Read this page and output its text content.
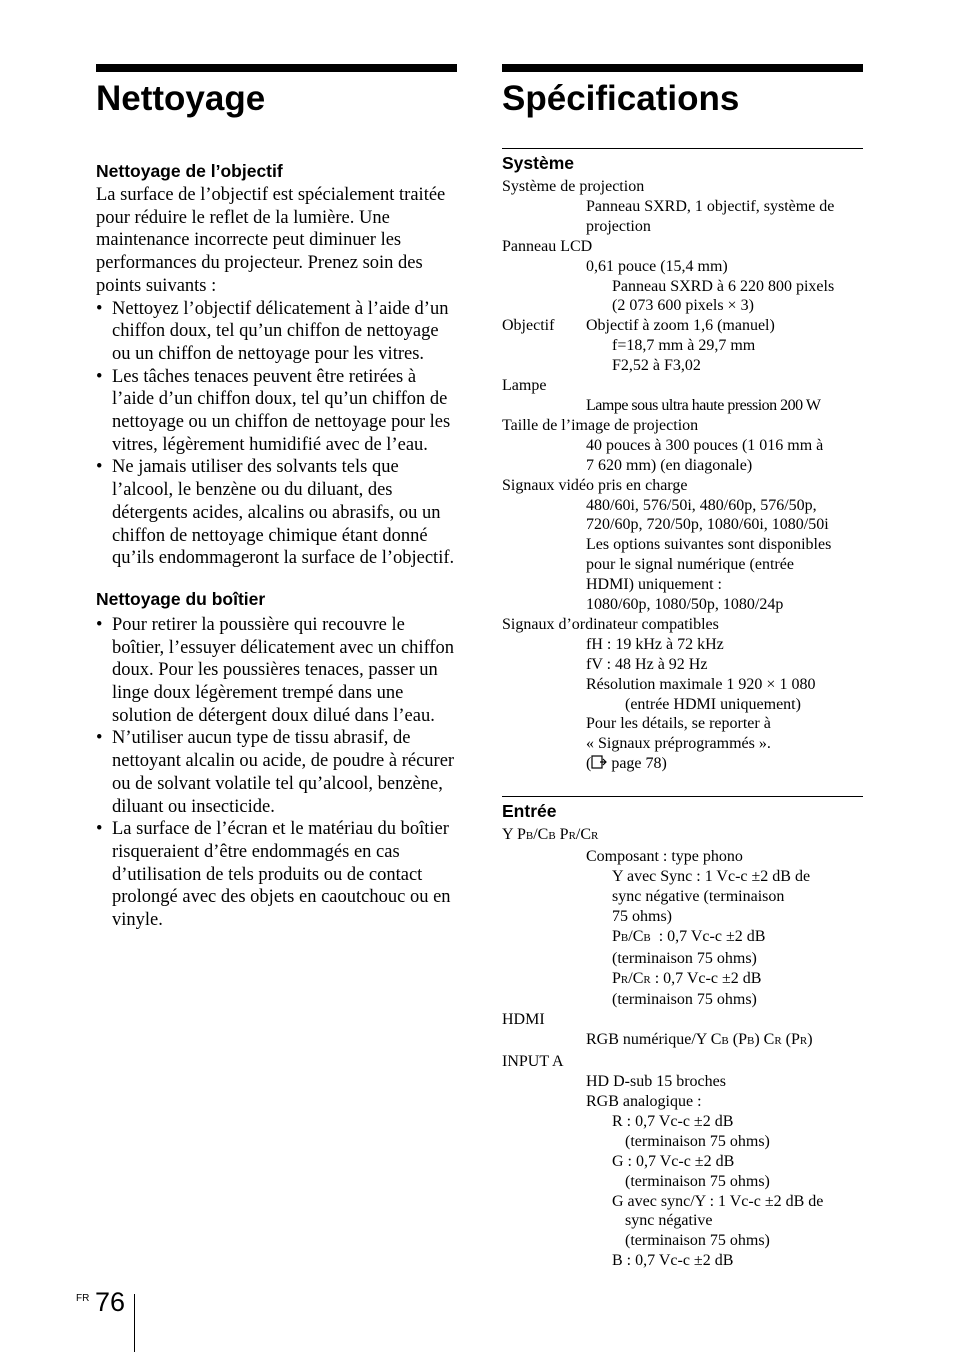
Nettoyage
Nettoyage de l’objectif

La surface de l’objectif est spécialement traitée pour réduire le reflet de la lumière. Une maintenance incorrecte peut diminuer les performances du projecteur. Prenez soin des points suivants :

• Nettoyez l’objectif délicatement à l’aide d’un chiffon doux, tel qu’un chiffon de nettoyage ou un chiffon de nettoyage pour les vitres.
• Les tâches tenaces peuvent être retirées à l’aide d’un chiffon doux, tel qu’un chiffon de nettoyage ou un chiffon de nettoyage pour les vitres, légèrement humidifié avec de l’eau.
• Ne jamais utiliser des solvants tels que l’alcool, le benzène ou du diluant, des détergents acides, alcalins ou abrasifs, ou un chiffon de nettoyage chimique étant donné qu’ils endommageront la surface de l’objectif.
Nettoyage du boîtier
• Pour retirer la poussière qui recouvre le boîtier, l’essuyer délicatement avec un chiffon doux. Pour les poussières tenaces, passer un linge doux légèrement trempé dans une solution de détergent doux dilué dans l’eau.
• N’utiliser aucun type de tissu abrasif, de nettoyant alcalin ou acide, de poudre à récurer ou de solvant volatile tel qu’alcool, benzène, diluant ou insecticide.
• La surface de l’écran et le matériau du boîtier risqueraient d’être endommagés en cas d’utilisation de tels produits ou de contact prolongé avec des objets en caoutchouc ou en vinyle.
Spécifications
Système
Système de projection
Panneau SXRD, 1 objectif, système de
projection
Panneau LCD
0,61 pouce (15,4 mm)
Panneau SXRD à 6 220 800 pixels
(2 073 600 pixels × 3)
Objectif	Objectif à zoom 1,6 (manuel)
f=18,7 mm à 29,7 mm
F2,52 à F3,02
Lampe
Lampe sous ultra haute pression 200 W
Taille de l’image de projection
40 pouces à 300 pouces (1 016 mm à
7 620 mm) (en diagonale)
Signaux vidéo pris en charge
480/60i, 576/50i, 480/60p, 576/50p,
720/60p, 720/50p, 1080/60i, 1080/50i
Les options suivantes sont disponibles
pour le signal numérique (entrée
HDMI) uniquement :
1080/60p, 1080/50p, 1080/24p
Signaux d’ordinateur compatibles
fH : 19 kHz à 72 kHz
fV : 48 Hz à 92 Hz
Résolution maximale 1 920 × 1 080
(entrée HDMI uniquement)
Pour les détails, se reporter à
« Signaux préprogrammés ».
( page 78)
Entrée
Y PB/CB PR/CR
Composant : type phono
Y avec Sync : 1 Vc-c ±2 dB de
sync négative (terminaison
75 ohms)
PB/CB  : 0,7 Vc-c ±2 dB
(terminaison 75 ohms)
PR/CR : 0,7 Vc-c ±2 dB
(terminaison 75 ohms)
HDMI
RGB numérique/Y CB (PB) CR (PR)
INPUT A
HD D-sub 15 broches
RGB analogique :
R : 0,7 Vc-c ±2 dB
(terminaison 75 ohms)
G : 0,7 Vc-c ±2 dB
(terminaison 75 ohms)
G avec sync/Y : 1 Vc-c ±2 dB de
sync négative
(terminaison 75 ohms)
B : 0,7 Vc-c ±2 dB
FR 76
